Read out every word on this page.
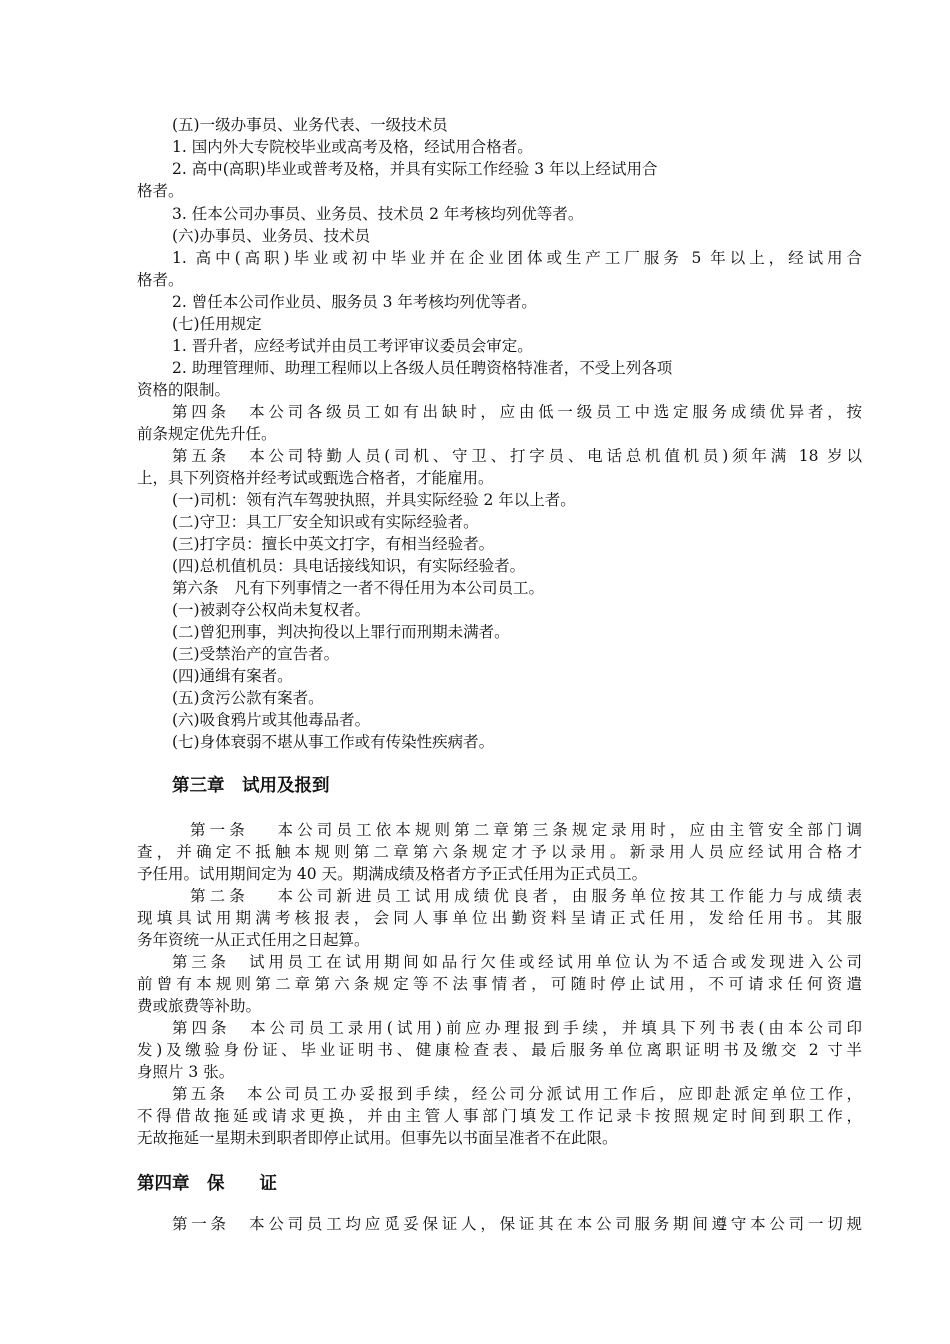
(五)一级办事员、业务代表、一级技术员
1. 国内外大专院校毕业或高考及格，经试用合格者。
2. 高中(高职)毕业或普考及格，并具有实际工作经验 3 年以上经试用合
格者。
3. 任本公司办事员、业务员、技术员 2 年考核均列优等者。
(六)办事员、业务员、技术员
1. 高中(高职)毕业或初中毕业并在企业团体或生产工厂服务 5 年以上，经试用合
格者。
2. 曾任本公司作业员、服务员 3 年考核均列优等者。
(七)任用规定
1. 晋升者，应经考试并由员工考评审议委员会审定。
2. 助理管理师、助理工程师以上各级人员任聘资格特准者，不受上列各项
资格的限制。
第四条　本公司各级员工如有出缺时，应由低一级员工中选定服务成绩优异者，按
前条规定优先升任。
第五条　本公司特勤人员(司机、守卫、打字员、电话总机值机员)须年满 18 岁以
上，具下列资格并经考试或甄选合格者，才能雇用。
(一)司机：领有汽车驾驶执照，并具实际经验 2 年以上者。
(二)守卫：具工厂安全知识或有实际经验者。
(三)打字员：擅长中英文打字，有相当经验者。
(四)总机值机员：具电话接线知识，有实际经验者。
第六条　凡有下列事情之一者不得任用为本公司员工。
(一)被剥夺公权尚未复权者。
(二)曾犯刑事，判决拘役以上罪行而刑期未满者。
(三)受禁治产的宣告者。
(四)通缉有案者。
(五)贪污公款有案者。
(六)吸食鸦片或其他毒品者。
(七)身体衰弱不堪从事工作或有传染性疾病者。
第三章　试用及报到
第一条　 本公司员工依本规则第二章第三条规定录用时，应由主管安全部门调
查，并确定不抵触本规则第二章第六条规定才予以录用。新录用人员应经试用合格才
予任用。试用期间定为 40 天。期满成绩及格者方予正式任用为正式员工。
第二条　 本公司新进员工试用成绩优良者，由服务单位按其工作能力与成绩表
现填具试用期满考核报表，会同人事单位出勤资料呈请正式任用，发给任用书。其服
务年资统一从正式任用之日起算。
第三条　试用员工在试用期间如品行欠佳或经试用单位认为不适合或发现进入公司
前曾有本规则第二章第六条规定等不法事情者，可随时停止试用，不可请求任何资遣
费或旅费等补助。
第四条　本公司员工录用(试用)前应办理报到手续，并填具下列书表(由本公司印
发)及缴验身份证、毕业证明书、健康检查表、最后服务单位离职证明书及缴交 2 寸半
身照片 3 张。
第五条　本公司员工办妥报到手续，经公司分派试用工作后，应即赴派定单位工作，
不得借故拖延或请求更换，并由主管人事部门填发工作记录卡按照规定时间到职工作，
无故拖延一星期未到职者即停止试用。但事先以书面呈准者不在此限。
第四章　保　　证
第一条　本公司员工均应觅妥保证人，保证其在本公司服务期间遵守本公司一切规
